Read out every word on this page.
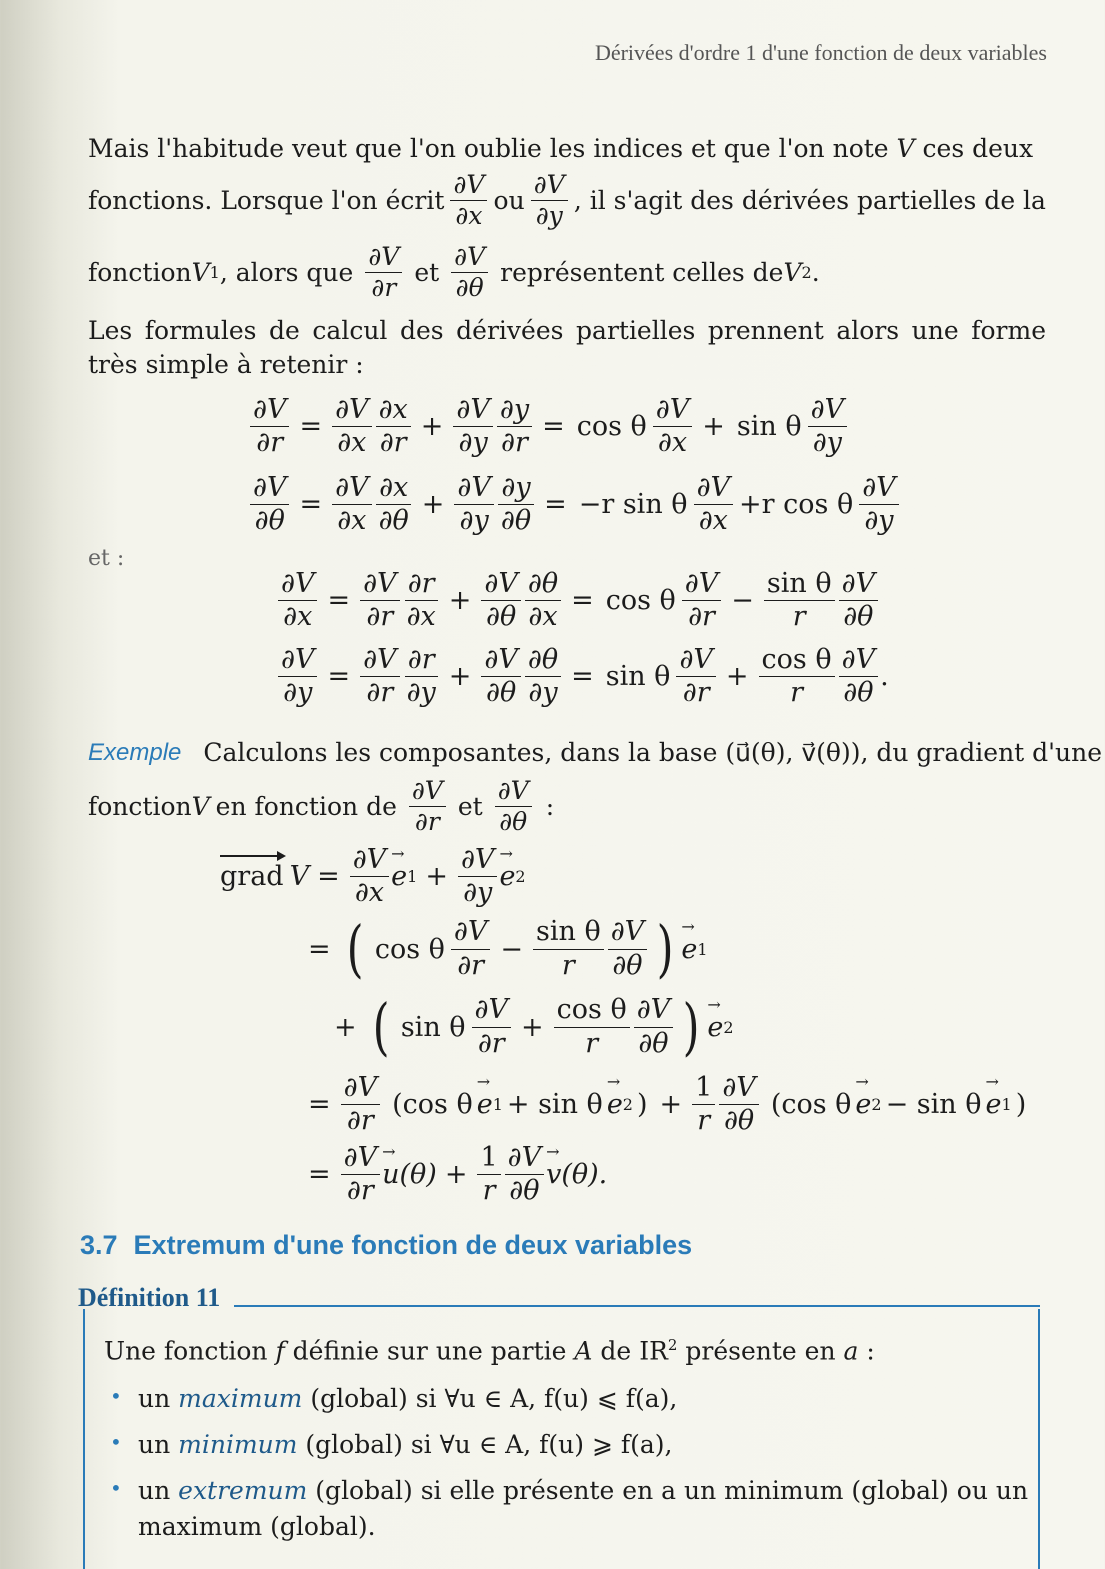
Dérivées d'ordre 1 d'une fonction de deux variables
Mais l'habitude veut que l'on oublie les indices et que l'on note V ces deux
fonctions. Lorsque l'on écrit $\frac{\partial V}{\partial x}$ ou $\frac{\partial V}{\partial y}$ , il s'agit des dérivées partielles de la
fonction V 1 , alors que $\frac{\partial V}{\partial r}$ et $\frac{\partial V}{\partial\theta}$ représentent celles de V 2 .
Les formules de calcul des dérivées partielles prennent alors une forme très simple à retenir :
$\frac{\partial V}{\partial r} = \frac{\partial V}{\partial x} \frac{\partial x}{\partial r} + \frac{\partial V}{\partial y} \frac{\partial y}{\partial r} = \cos \theta \frac{\partial V}{\partial x} + \sin \theta \frac{\partial V}{\partial y}$
$\frac{\partial V}{\partial\theta} = \frac{\partial V}{\partial x} \frac{\partial x}{\partial\theta} + \frac{\partial V}{\partial y} \frac{\partial y}{\partial\theta} = -r$ sin θ $\frac{\partial V}{\partial x} +r$ cos θ $\frac{\partial V}{\partial y}$
et :
$\frac{\partial V}{\partial x} = \frac{\partial V}{\partial r} \frac{\partial r}{\partial x} + \frac{\partial V}{\partial\theta} \frac{\partial\theta}{\partial x} = \cos \theta \frac{\partial V}{\partial r} - \frac{\text{sin θ}}{r} \frac{\partial V}{\partial\theta}$
$\frac{\partial V}{\partial y} = \frac{\partial V}{\partial r} \frac{\partial r}{\partial y} + \frac{\partial V}{\partial\theta} \frac{\partial\theta}{\partial y} = \sin \theta \frac{\partial V}{\partial r} + \frac{\text{cos θ}}{r} \frac{\partial V}{\partial\theta}$ .
Exemple Calculons les composantes, dans la base (u⃗(θ), v⃗(θ)), du gradient d'une
fonction V en fonction de $\frac{\partial V}{\partial r}$ et $\frac{\partial V}{\partial\theta}$ :
grad $V = \frac{\partial V}{\partial x}$
→ e $1 + \frac{\partial V}{\partial y}$
→ e 2
= ( cos θ $\frac{\partial V}{\partial r} - \frac{\text{sin θ}}{r} \frac{\partial V}{\partial\theta}$ )
→ e 1
+ ( sin θ $\frac{\partial V}{\partial r} + \frac{\text{cos θ}}{r} \frac{\partial V}{\partial\theta}$ )
→ e 2
= $\frac{\partial V}{\partial r} (\cos$ θ
→ e 1 + sin θ
→ e 2 ) + $\frac{1}{r} \frac{\partial V}{\partial\theta} (\cos$ θ
→ e 2 − sin θ
→ e 1 )
= $\frac{\partial V}{\partial r}$
→ $u(\theta) + \frac{1}{r} \frac{\partial V}{\partial\theta}$
→ v(θ).
3.7 Extremum d'une fonction de deux variables
Définition 11
Une fonction f définie sur une partie A de $IR^2$ présente en a :
• un maximum (global) si ∀u ∈ A, f(u) ⩽ f(a),
• un minimum (global) si ∀u ∈ A, f(u) ⩾ f(a),
• un extremum (global) si elle présente en a un minimum (global) ou un
maximum (global).
